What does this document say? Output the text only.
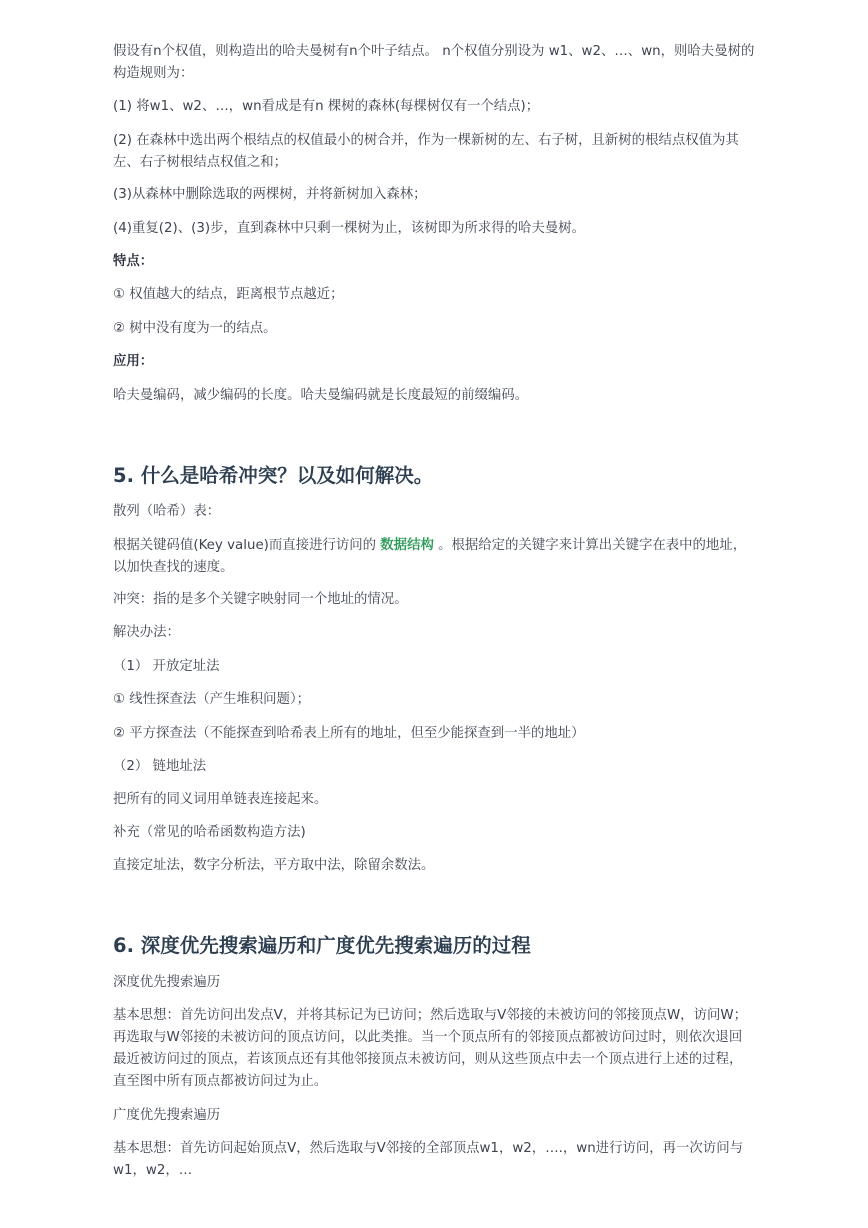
假设有n个权值，则构造出的哈夫曼树有n个叶子结点。 n个权值分别设为 w1、w2、…、wn，则哈夫曼树的构造规则为：

(1) 将w1、w2、…，wn看成是有n 棵树的森林(每棵树仅有一个结点)；

(2) 在森林中选出两个根结点的权值最小的树合并，作为一棵新树的左、右子树，且新树的根结点权值为其左、右子树根结点权值之和；

(3)从森林中删除选取的两棵树，并将新树加入森林；

(4)重复(2)、(3)步，直到森林中只剩一棵树为止，该树即为所求得的哈夫曼树。

特点：

① 权值越大的结点，距离根节点越近；

② 树中没有度为一的结点。

应用：

哈夫曼编码，减少编码的长度。哈夫曼编码就是长度最短的前缀编码。

5. 什么是哈希冲突？以及如何解决。

散列（哈希）表：

根据关键码值(Key value)而直接进行访问的 数据结构 。根据给定的关键字来计算出关键字在表中的地址，以加快查找的速度。

冲突：指的是多个关键字映射同一个地址的情况。

解决办法：

（1） 开放定址法

① 线性探查法（产生堆积问题）；

② 平方探查法（不能探查到哈希表上所有的地址，但至少能探查到一半的地址）

（2） 链地址法

把所有的同义词用单链表连接起来。

补充（常见的哈希函数构造方法)

直接定址法，数字分析法，平方取中法，除留余数法。

6. 深度优先搜索遍历和广度优先搜索遍历的过程

深度优先搜索遍历

基本思想：首先访问出发点V，并将其标记为已访问；然后选取与V邻接的未被访问的邻接顶点W，访问W；再选取与W邻接的未被访问的顶点访问，以此类推。当一个顶点所有的邻接顶点都被访问过时，则依次退回最近被访问过的顶点，若该顶点还有其他邻接顶点未被访问，则从这些顶点中去一个顶点进行上述的过程，直至图中所有顶点都被访问过为止。

广度优先搜索遍历

基本思想：首先访问起始顶点V，然后选取与V邻接的全部顶点w1，w2，….，wn进行访问，再一次访问与w1，w2，…
